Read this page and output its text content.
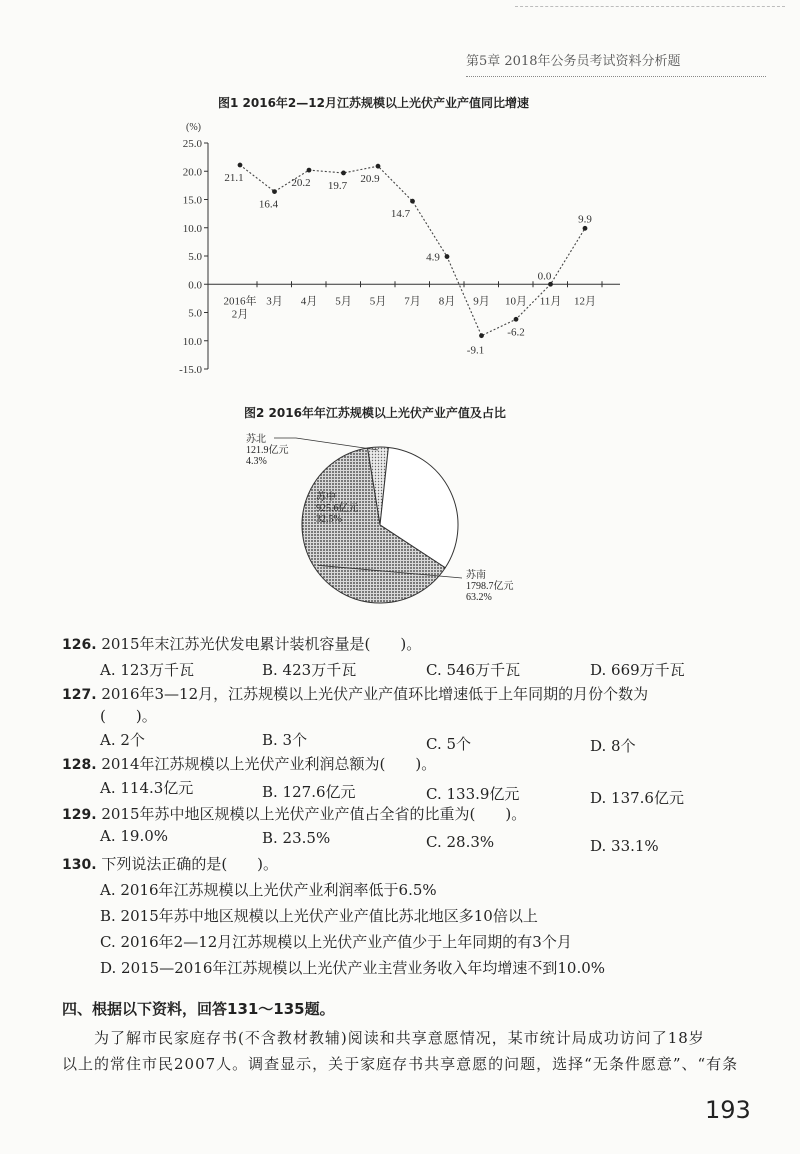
第5章 2018年公务员考试资料分析题
图1 2016年2—12月江苏规模以上光伏产业产值同比增速
(%)
25.0
20.0
15.0
10.0
5.0
0.0
5.0
10.0
-15.0
2016年
2月
3月 4月 5月 5月 7月 8月 9月 10月 11月 12月
21.1
16.4
20.2 19.7
20.9
14.7
4.9
-9.1
-6.2
0.0
9.9
图2 2016年年江苏规模以上光伏产业产值及占比
苏北
121.9亿元
4.3%
苏中
925.6亿元
32.5%
苏南
1798.7亿元
63.2%
126. 2015年末江苏光伏发电累计装机容量是(　　)。
A. 123万千瓦	B. 423万千瓦	C. 546万千瓦	D. 669万千瓦
127. 2016年3—12月，江苏规模以上光伏产业产值环比增速低于上年同期的月份个数为
(　　)。
A. 2个	B. 3个	C. 5个	D. 8个
128. 2014年江苏规模以上光伏产业利润总额为(　　)。
A. 114.3亿元	B. 127.6亿元	C. 133.9亿元	D. 137.6亿元
129. 2015年苏中地区规模以上光伏产业产值占全省的比重为(　　)。
A. 19.0%	B. 23.5%	C. 28.3%	D. 33.1%
130. 下列说法正确的是(　　)。
A. 2016年江苏规模以上光伏产业利润率低于6.5%
B. 2015年苏中地区规模以上光伏产业产值比苏北地区多10倍以上
C. 2016年2—12月江苏规模以上光伏产业产值少于上年同期的有3个月
D. 2015—2016年江苏规模以上光伏产业主营业务收入年均增速不到10.0%
四、根据以下资料，回答131～135题。
为了解市民家庭存书(不含教材教辅)阅读和共享意愿情况，某市统计局成功访问了18岁
以上的常住市民2007人。调查显示，关于家庭存书共享意愿的问题，选择“无条件愿意”、“有条
193
